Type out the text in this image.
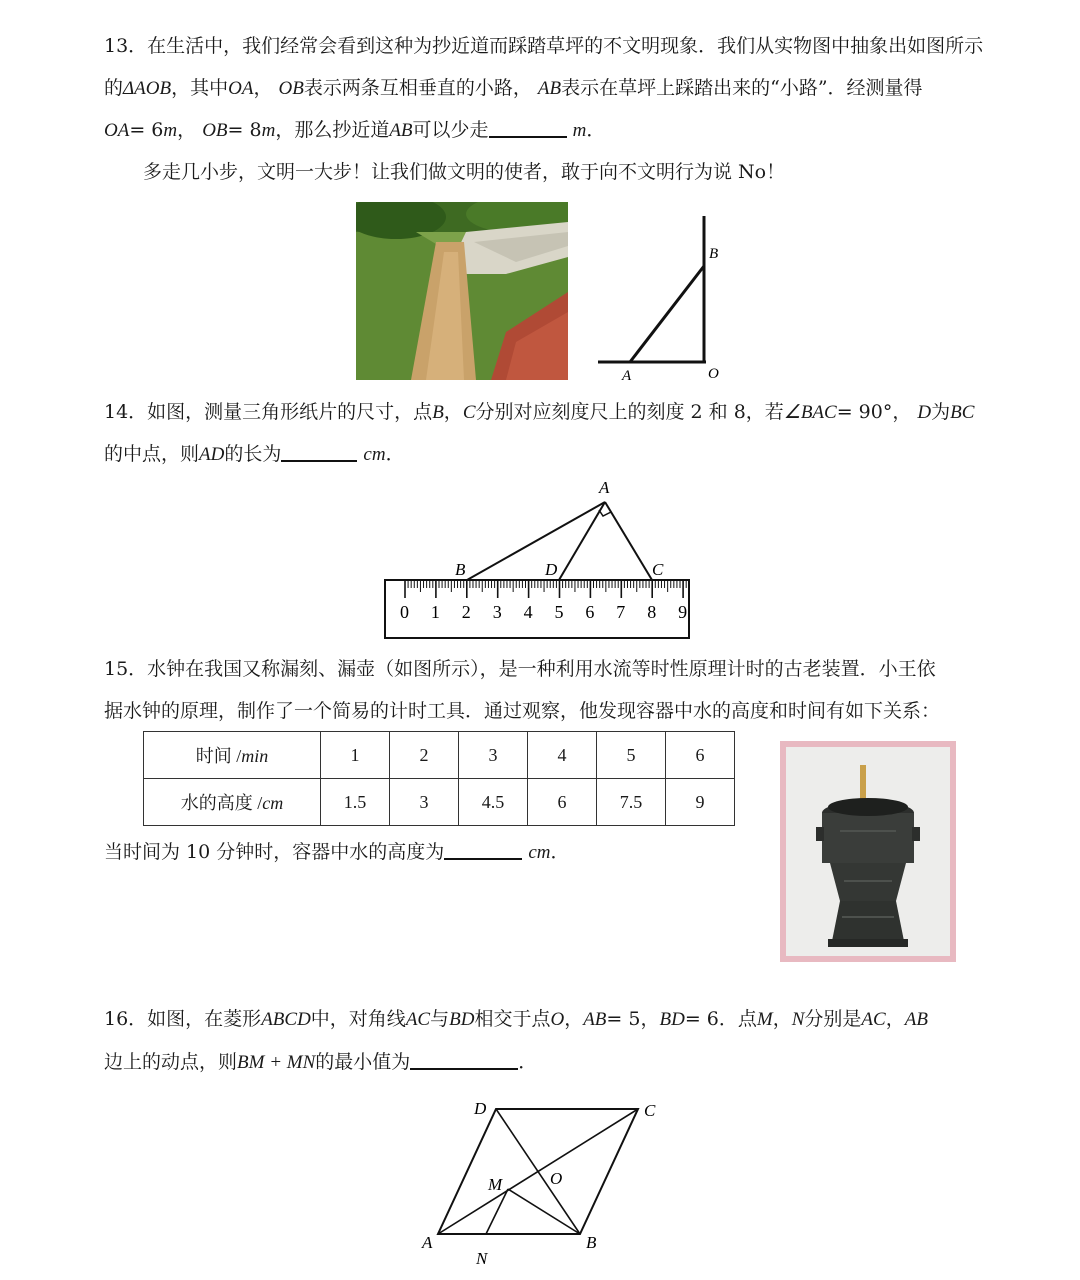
13．在生活中，我们经常会看到这种为抄近道而踩踏草坪的不文明现象．我们从实物图中抽象出如图所示
的ΔAOB，其中OA， OB表示两条互相垂直的小路， AB表示在草坪上踩踏出来的“小路”．经测量得
OA= 6m， OB= 8m，那么抄近道AB可以少走	m．
多走几小步，文明一大步！让我们做文明的使者，敢于向不文明行为说 No！
B
A	O
14．如图，测量三角形纸片的尺寸，点B，C分别对应刻度尺上的刻度 2 和 8，若∠BAC= 90°， D为BC
的中点，则AD的长为	cm．
A
B	D	C
0 1 2 3 4 5 6 7 8 9
15．水钟在我国又称漏刻、漏壶（如图所示），是一种利用水流等时性原理计时的古老装置．小王依
据水钟的原理，制作了一个简易的计时工具．通过观察，他发现容器中水的高度和时间有如下关系：
时间 /min	1	2	3	4	5	6
水的高度 /cm	1.5	3	4.5	6	7.5	9
当时间为 10 分钟时，容器中水的高度为	cm．
16．如图，在菱形ABCD中，对角线AC与BD相交于点O，AB= 5，BD= 6．点M，N分别是AC，AB
边上的动点，则BM + MN的最小值为	．
D	C
O
M
A	B
N
